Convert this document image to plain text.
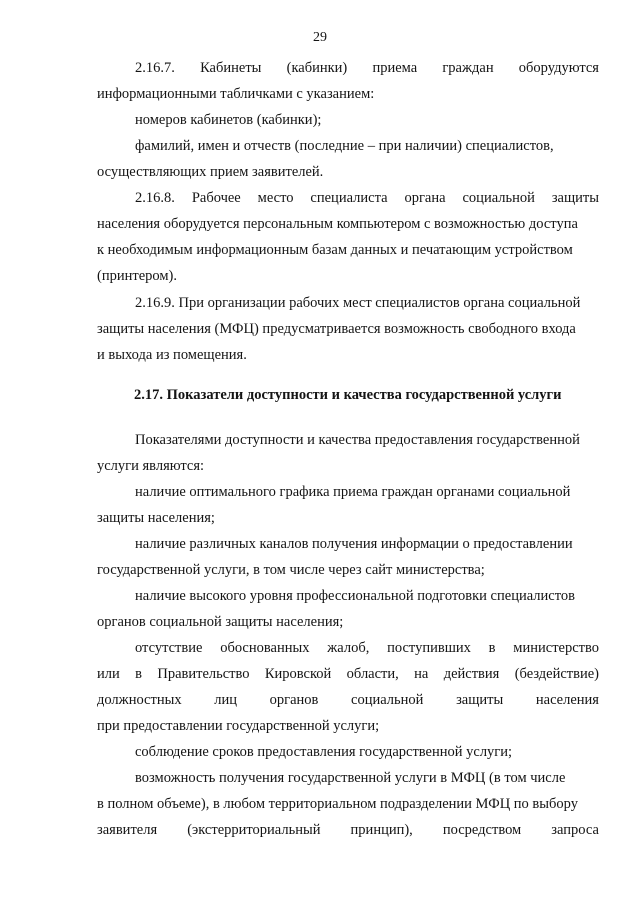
29
2.16.7. Кабинеты (кабинки) приема граждан оборудуются
информационными табличками с указанием:
номеров кабинетов (кабинки);
фамилий, имен и отчеств (последние – при наличии) специалистов,
осуществляющих прием заявителей.
2.16.8. Рабочее место специалиста органа социальной защиты
населения оборудуется персональным компьютером с возможностью доступа
к необходимым информационным базам данных и печатающим устройством
(принтером).
2.16.9. При организации рабочих мест специалистов органа социальной
защиты населения (МФЦ) предусматривается возможность свободного входа
и выхода из помещения.
2.17. Показатели доступности и качества государственной услуги
Показателями доступности и качества предоставления государственной
услуги являются:
наличие оптимального графика приема граждан органами социальной
защиты населения;
наличие различных каналов получения информации о предоставлении
государственной услуги, в том числе через сайт министерства;
наличие высокого уровня профессиональной подготовки специалистов
органов социальной защиты населения;
отсутствие обоснованных жалоб, поступивших в министерство
или в Правительство Кировской области, на действия (бездействие)
должностных лиц органов социальной защиты населения
при предоставлении государственной услуги;
соблюдение сроков предоставления государственной услуги;
возможность получения государственной услуги в МФЦ (в том числе
в полном объеме), в любом территориальном подразделении МФЦ по выбору
заявителя (экстерриториальный принцип), посредством запроса
